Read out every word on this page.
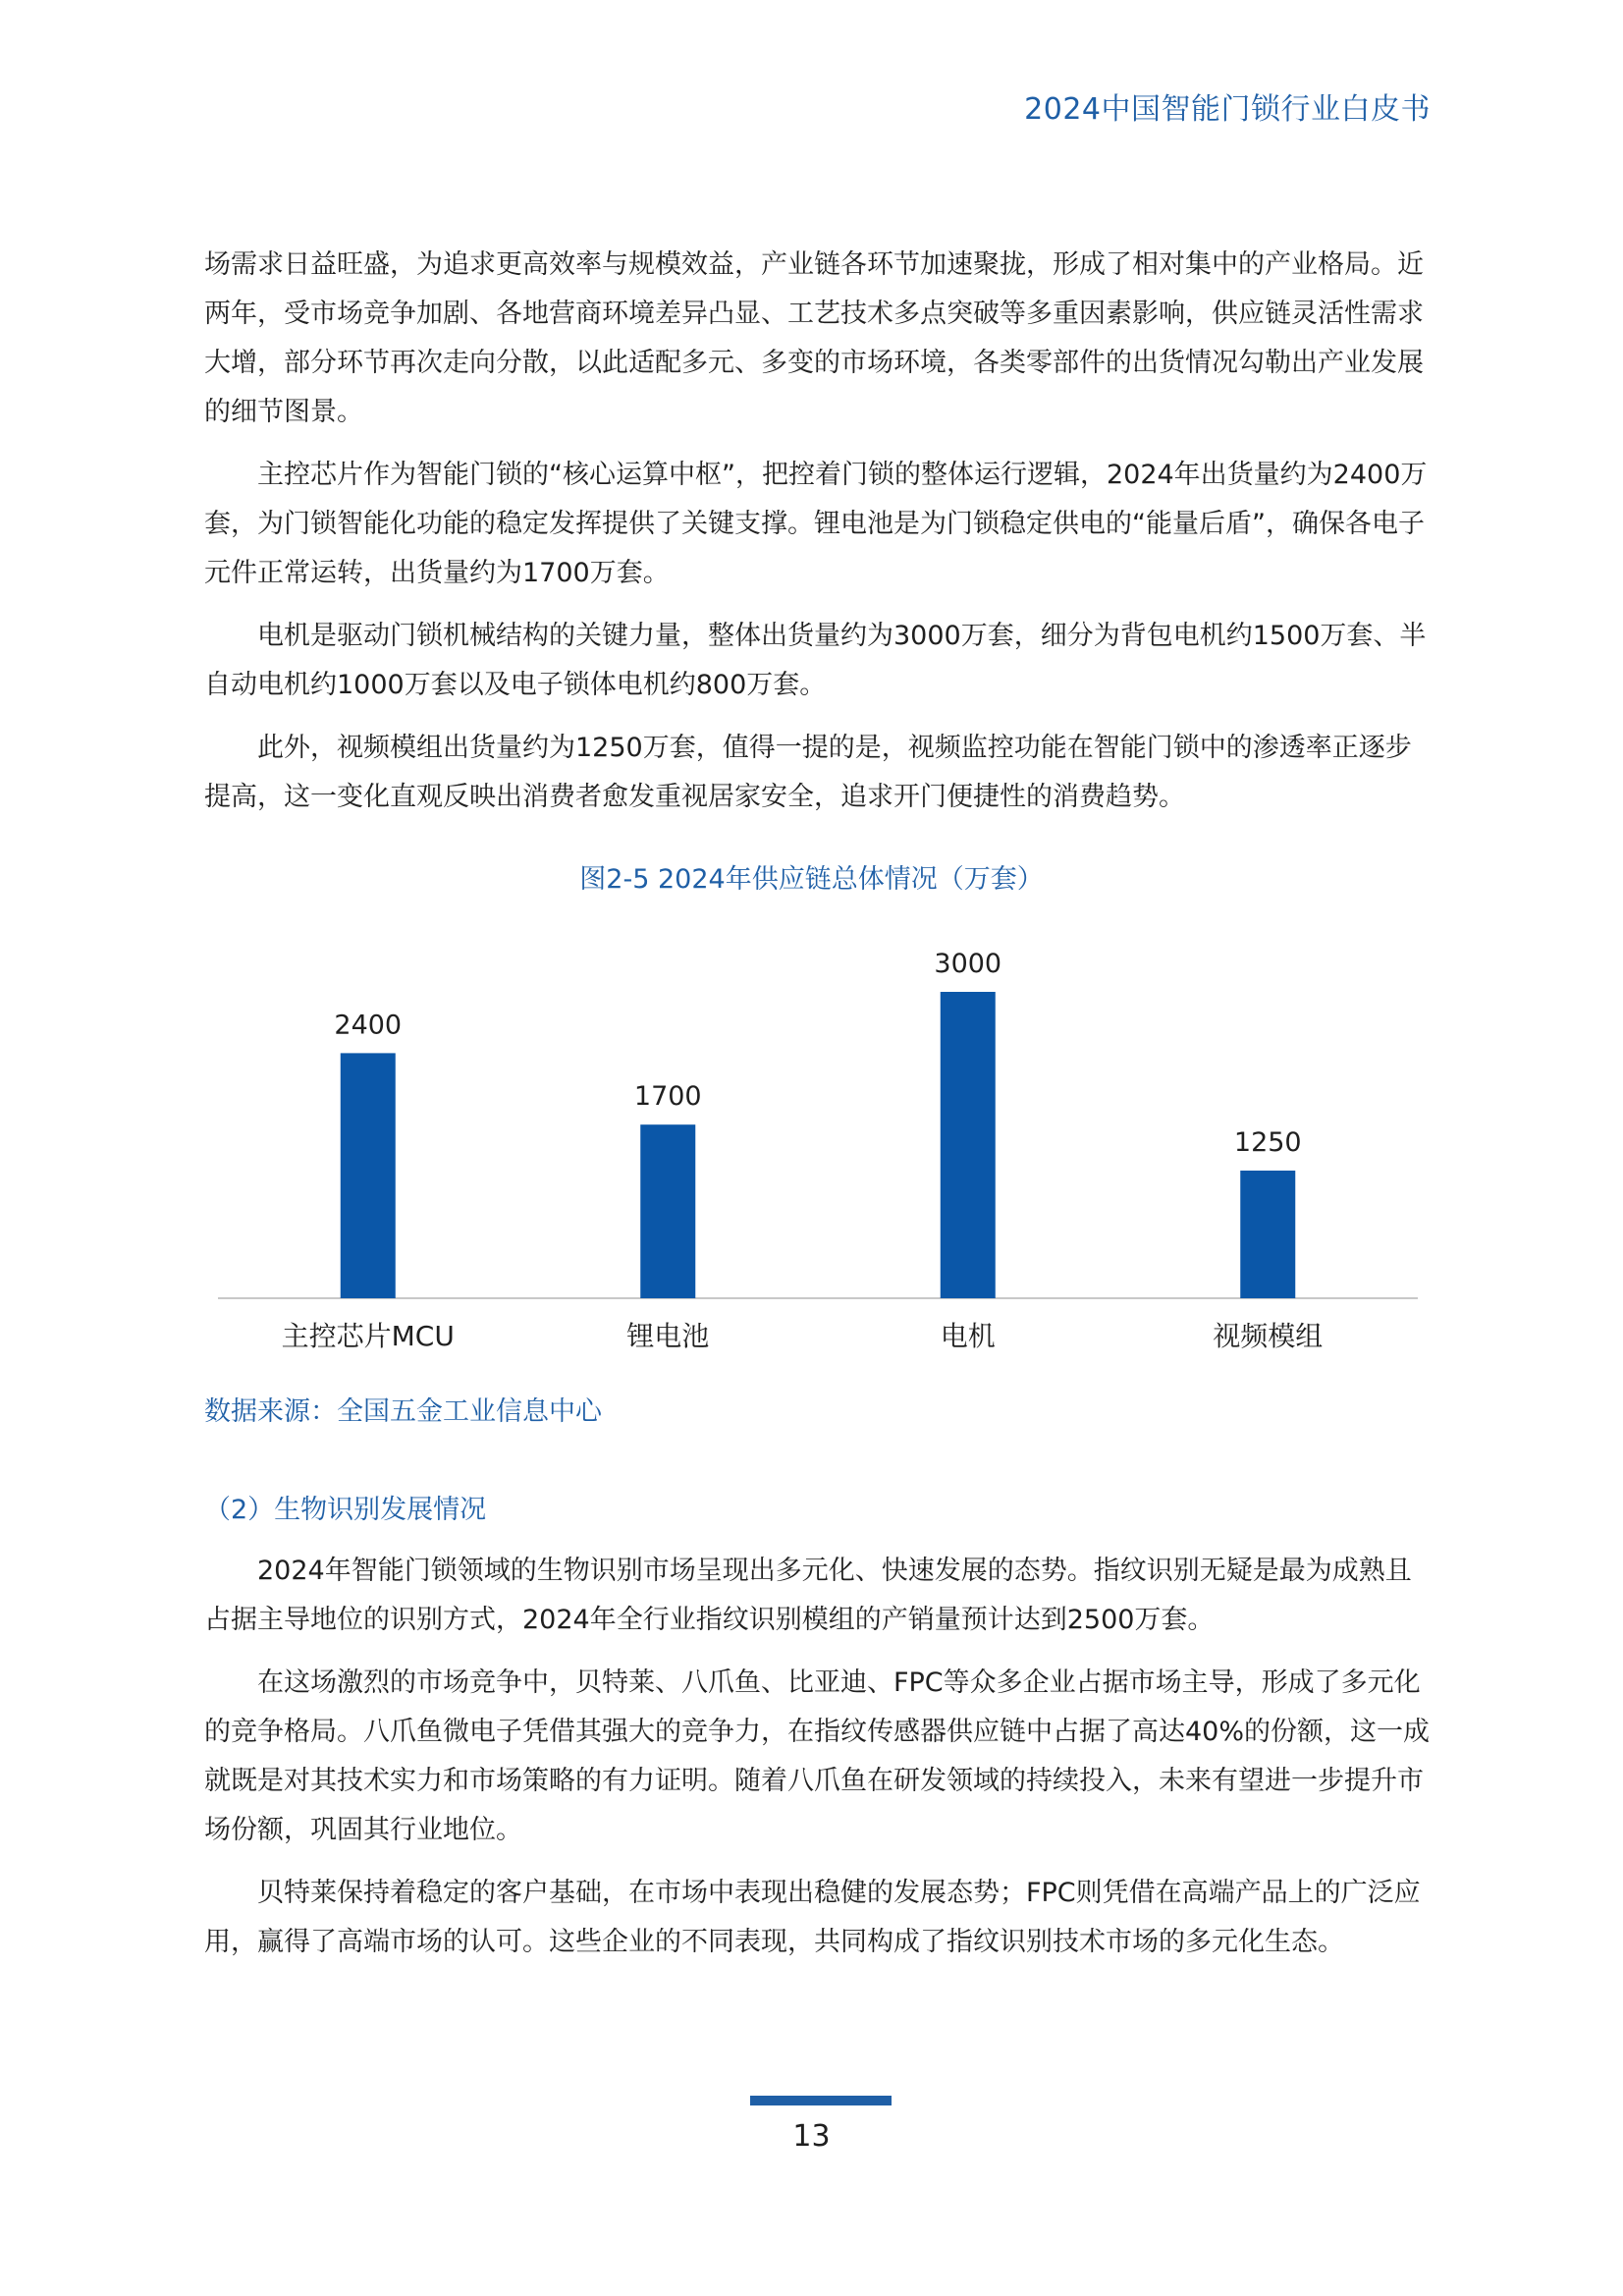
2024中国智能门锁行业白皮书

场需求日益旺盛，为追求更高效率与规模效益，产业链各环节加速聚拢，形成了相对集中的产业格局。近两年，受市场竞争加剧、各地营商环境差异凸显、工艺技术多点突破等多重因素影响，供应链灵活性需求大增，部分环节再次走向分散，以此适配多元、多变的市场环境，各类零部件的出货情况勾勒出产业发展的细节图景。

主控芯片作为智能门锁的“核心运算中枢”，把控着门锁的整体运行逻辑，2024年出货量约为2400万套，为门锁智能化功能的稳定发挥提供了关键支撑。锂电池是为门锁稳定供电的“能量后盾”，确保各电子元件正常运转，出货量约为1700万套。

电机是驱动门锁机械结构的关键力量，整体出货量约为3000万套，细分为背包电机约1500万套、半自动电机约1000万套以及电子锁体电机约800万套。

此外，视频模组出货量约为1250万套，值得一提的是，视频监控功能在智能门锁中的渗透率正逐步提高，这一变化直观反映出消费者愈发重视居家安全，追求开门便捷性的消费趋势。

图2-5 2024年供应链总体情况（万套）
2400
主控芯片MCU
1700
锂电池
3000
电机
1250
视频模组
数据来源：全国五金工业信息中心
（2）生物识别发展情况

2024年智能门锁领域的生物识别市场呈现出多元化、快速发展的态势。指纹识别无疑是最为成熟且占据主导地位的识别方式，2024年全行业指纹识别模组的产销量预计达到2500万套。

在这场激烈的市场竞争中，贝特莱、八爪鱼、比亚迪、FPC等众多企业占据市场主导，形成了多元化的竞争格局。八爪鱼微电子凭借其强大的竞争力，在指纹传感器供应链中占据了高达40%的份额，这一成就既是对其技术实力和市场策略的有力证明。随着八爪鱼在研发领域的持续投入，未来有望进一步提升市场份额，巩固其行业地位。

贝特莱保持着稳定的客户基础，在市场中表现出稳健的发展态势；FPC则凭借在高端产品上的广泛应用，赢得了高端市场的认可。这些企业的不同表现，共同构成了指纹识别技术市场的多元化生态。

13
